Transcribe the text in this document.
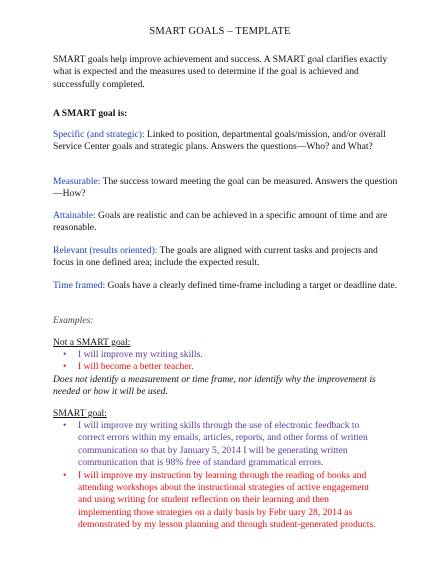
SMART GOALS – TEMPLATE
SMART goals help improve achievement and success. A SMART goal clarifies exactly what is expected and the measures used to determine if the goal is achieved and successfully completed.
A SMART goal is:
Specific (and strategic): Linked to position, departmental goals/mission, and/or overall Service Center goals and strategic plans. Answers the questions—Who? and What?
Measurable: The success toward meeting the goal can be measured. Answers the question—How?
Attainable: Goals are realistic and can be achieved in a specific amount of time and are reasonable.
Relevant (results oriented): The goals are aligned with current tasks and projects and focus in one defined area; include the expected result.
Time framed: Goals have a clearly defined time-frame including a target or deadline date.
Examples:
Not a SMART goal:
• I will improve my writing skills.
• I will become a better teacher.
Does not identify a measurement or time frame, nor identify why the improvement is needed or how it will be used.
SMART goal:
• I will improve my writing skills through the use of electronic feedback to correct errors within my emails, articles, reports, and other forms of written communication so that by January 5, 2014 I will be generating written communication that is 98% free of standard grammatical errors.
• I will improve my instruction by learning through the reading of books and attending workshops about the instructional strategies of active engagement and using writing for student reflection on their learning and then implementing those strategies on a daily basis by Febr uary 28, 2014 as demonstrated by my lesson planning and through student-generated products.
